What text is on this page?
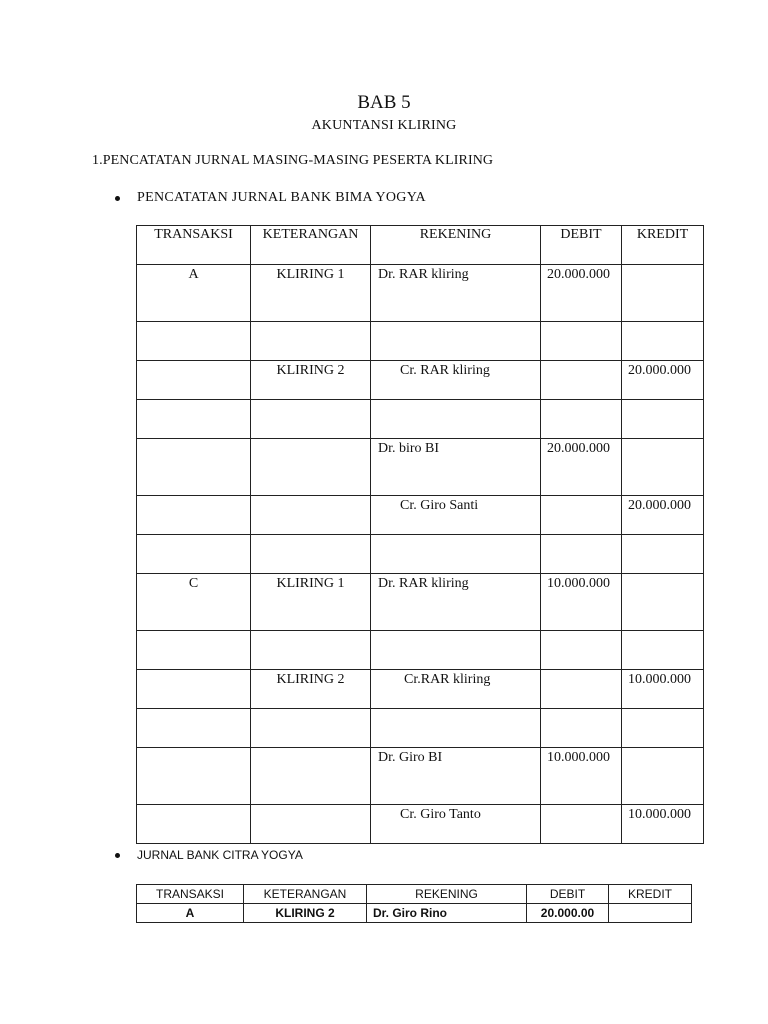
BAB 5
AKUNTANSI KLIRING
1.PENCATATAN JURNAL MASING-MASING PESERTA KLIRING
PENCATATAN JURNAL BANK BIMA YOGYA
TRANSAKSI	KETERANGAN	REKENING	DEBIT	KREDIT
A	KLIRING 1	Dr. RAR kliring	20.000.000	

	KLIRING 2	Cr. RAR kliring		20.000.000

		Dr. biro BI	20.000.000	
		Cr. Giro Santi		20.000.000

C	KLIRING 1	Dr. RAR kliring	10.000.000	

	KLIRING 2	Cr.RAR kliring		10.000.000

		Dr. Giro BI	10.000.000	
		Cr. Giro Tanto		10.000.000
JURNAL BANK CITRA YOGYA
TRANSAKSI	KETERANGAN	REKENING	DEBIT	KREDIT
A	KLIRING 2	Dr. Giro Rino	20.000.00	
